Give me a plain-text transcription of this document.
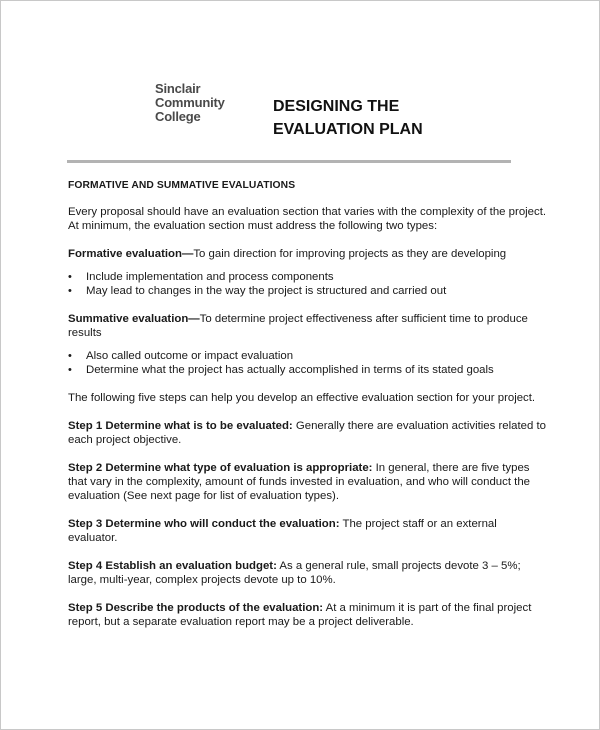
Sinclair
Community
College
DESIGNING THE
EVALUATION PLAN
FORMATIVE AND SUMMATIVE EVALUATIONS

Every proposal should have an evaluation section that varies with the complexity of the project. At minimum, the evaluation section must address the following two types:

Formative evaluation—To gain direction for improving projects as they are developing

• Include implementation and process components
• May lead to changes in the way the project is structured and carried out

Summative evaluation—To determine project effectiveness after sufficient time to produce results

• Also called outcome or impact evaluation
• Determine what the project has actually accomplished in terms of its stated goals

The following five steps can help you develop an effective evaluation section for your project.

Step 1 Determine what is to be evaluated: Generally there are evaluation activities related to each project objective.

Step 2 Determine what type of evaluation is appropriate: In general, there are five types that vary in the complexity, amount of funds invested in evaluation, and who will conduct the evaluation (See next page for list of evaluation types).

Step 3 Determine who will conduct the evaluation: The project staff or an external evaluator.

Step 4 Establish an evaluation budget: As a general rule, small projects devote 3 – 5%; large, multi-year, complex projects devote up to 10%.

Step 5 Describe the products of the evaluation: At a minimum it is part of the final project report, but a separate evaluation report may be a project deliverable.
